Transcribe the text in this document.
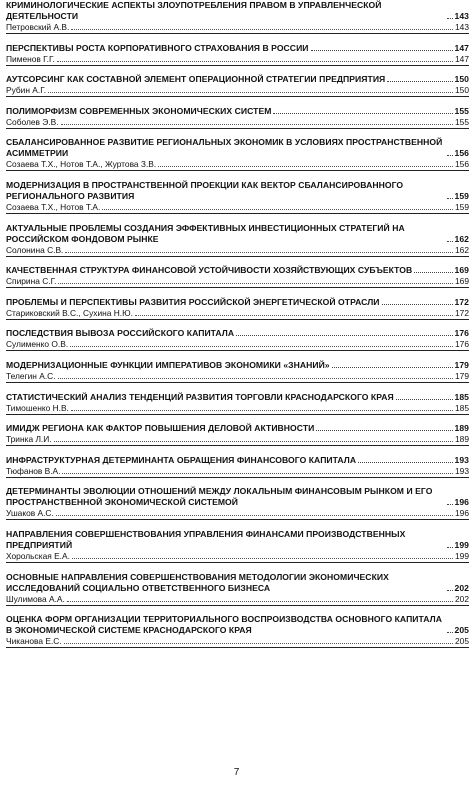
КРИМИНОЛОГИЧЕСКИЕ АСПЕКТЫ ЗЛОУПОТРЕБЛЕНИЯ ПРАВОМ В УПРАВЛЕНЧЕСКОЙ ДЕЯТЕЛЬНОСТИ	143
Петровский А.В.	143
ПЕРСПЕКТИВЫ РОСТА КОРПОРАТИВНОГО СТРАХОВАНИЯ В РОССИИ	147
Пименов Г.Г.	147
АУТСОРСИНГ КАК СОСТАВНОЙ ЭЛЕМЕНТ ОПЕРАЦИОННОЙ СТРАТЕГИИ ПРЕДПРИЯТИЯ	150
Рубин А.Г.	150
ПОЛИМОРФИЗМ СОВРЕМЕННЫХ ЭКОНОМИЧЕСКИХ СИСТЕМ	155
Соболев Э.В.	155
СБАЛАНСИРОВАННОЕ РАЗВИТИЕ РЕГИОНАЛЬНЫХ ЭКОНОМИК В УСЛОВИЯХ ПРОСТРАНСТВЕННОЙ АСИММЕТРИИ	156
Созаева Т.Х., Нотов Т.А., Журтова З.В.	156
МОДЕРНИЗАЦИЯ В ПРОСТРАНСТВЕННОЙ ПРОЕКЦИИ КАК ВЕКТОР СБАЛАНСИРОВАННОГО РЕГИОНАЛЬНОГО РАЗВИТИЯ	159
Созаева Т.Х., Нотов Т.А.	159
АКТУАЛЬНЫЕ ПРОБЛЕМЫ СОЗДАНИЯ ЭФФЕКТИВНЫХ ИНВЕСТИЦИОННЫХ СТРАТЕГИЙ НА РОССИЙСКОМ ФОНДОВОМ РЫНКЕ	162
Солонина С.В.	162
КАЧЕСТВЕННАЯ СТРУКТУРА ФИНАНСОВОЙ УСТОЙЧИВОСТИ ХОЗЯЙСТВУЮЩИХ СУБЪЕКТОВ	169
Спирина С.Г.	169
ПРОБЛЕМЫ И ПЕРСПЕКТИВЫ РАЗВИТИЯ РОССИЙСКОЙ ЭНЕРГЕТИЧЕСКОЙ ОТРАСЛИ	172
Стариковский В.С., Сухина Н.Ю.	172
ПОСЛЕДСТВИЯ ВЫВОЗА РОССИЙСКОГО КАПИТАЛА	176
Сулименко О.В.	176
МОДЕРНИЗАЦИОННЫЕ ФУНКЦИИ ИМПЕРАТИВОВ ЭКОНОМИКИ «ЗНАНИЙ»	179
Телегин А.С.	179
СТАТИСТИЧЕСКИЙ АНАЛИЗ ТЕНДЕНЦИЙ РАЗВИТИЯ ТОРГОВЛИ КРАСНОДАРСКОГО КРАЯ	185
Тимошенко Н.В.	185
ИМИДЖ РЕГИОНА КАК ФАКТОР ПОВЫШЕНИЯ ДЕЛОВОЙ АКТИВНОСТИ	189
Тринка Л.И.	189
ИНФРАСТРУКТУРНАЯ ДЕТЕРМИНАНТА ОБРАЩЕНИЯ ФИНАНСОВОГО КАПИТАЛА	193
Тюфанов В.А.	193
ДЕТЕРМИНАНТЫ ЭВОЛЮЦИИ ОТНОШЕНИЙ МЕЖДУ ЛОКАЛЬНЫМ ФИНАНСОВЫМ РЫНКОМ И ЕГО ПРОСТРАНСТВЕННОЙ ЭКОНОМИЧЕСКОЙ СИСТЕМОЙ	196
Ушаков А.С.	196
НАПРАВЛЕНИЯ СОВЕРШЕНСТВОВАНИЯ УПРАВЛЕНИЯ ФИНАНСАМИ ПРОИЗВОДСТВЕННЫХ ПРЕДПРИЯТИЙ	199
Хорольская Е.А.	199
ОСНОВНЫЕ НАПРАВЛЕНИЯ СОВЕРШЕНСТВОВАНИЯ МЕТОДОЛОГИИ ЭКОНОМИЧЕСКИХ ИССЛЕДОВАНИЙ СОЦИАЛЬНО ОТВЕТСТВЕННОГО БИЗНЕСА	202
Шулимова А.А.	202
ОЦЕНКА ФОРМ ОРГАНИЗАЦИИ ТЕРРИТОРИАЛЬНОГО ВОСПРОИЗВОДСТВА ОСНОВНОГО КАПИТАЛА В ЭКОНОМИЧЕСКОЙ СИСТЕМЕ КРАСНОДАРСКОГО КРАЯ	205
Чиканова Е.С.	205
7
